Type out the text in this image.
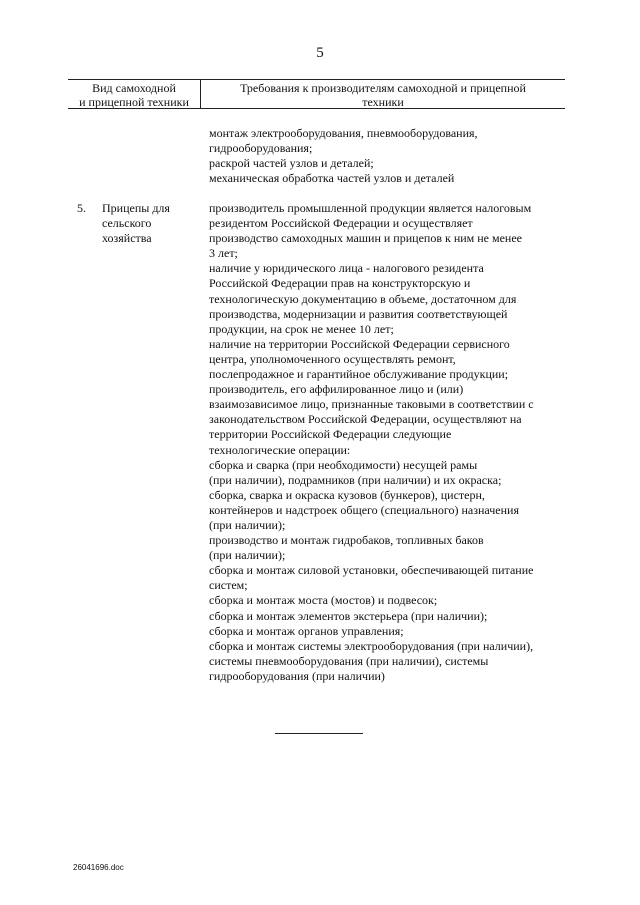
5
Вид самоходной
и прицепной техники
Требования к производителям самоходной и прицепной
техники
монтаж электрооборудования, пневмооборудования,
гидрооборудования;
раскрой частей узлов и деталей;
механическая обработка частей узлов и деталей
5. Прицепы для
сельского
хозяйства
производитель промышленной продукции является налоговым
резидентом Российской Федерации и осуществляет
производство самоходных машин и прицепов к ним не менее
3 лет;
наличие у юридического лица - налогового резидента
Российской Федерации прав на конструкторскую и
технологическую документацию в объеме, достаточном для
производства, модернизации и развития соответствующей
продукции, на срок не менее 10 лет;
наличие на территории Российской Федерации сервисного
центра, уполномоченного осуществлять ремонт,
послепродажное и гарантийное обслуживание продукции;
производитель, его аффилированное лицо и (или)
взаимозависимое лицо, признанные таковыми в соответствии с
законодательством Российской Федерации, осуществляют на
территории Российской Федерации следующие
технологические операции:
сборка и сварка (при необходимости) несущей рамы
(при наличии), подрамников (при наличии) и их окраска;
сборка, сварка и окраска кузовов (бункеров), цистерн,
контейнеров и надстроек общего (специального) назначения
(при наличии);
производство и монтаж гидробаков, топливных баков
(при наличии);
сборка и монтаж силовой установки, обеспечивающей питание
систем;
сборка и монтаж моста (мостов) и подвесок;
сборка и монтаж элементов экстерьера (при наличии);
сборка и монтаж органов управления;
сборка и монтаж системы электрооборудования (при наличии),
системы пневмооборудования (при наличии), системы
гидрооборудования (при наличии)
26041696.doc
